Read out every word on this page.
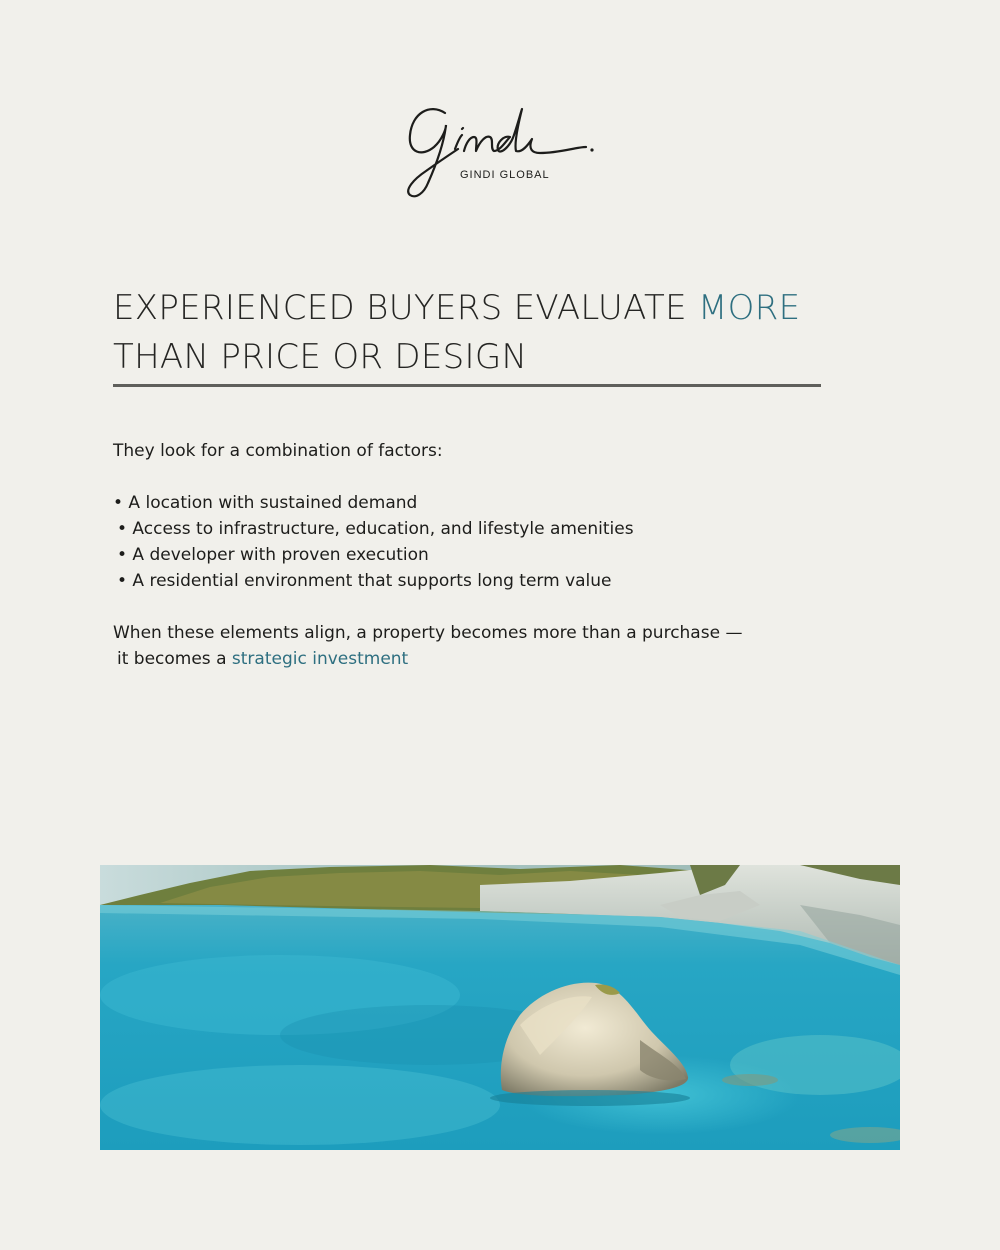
GINDI GLOBAL
EXPERIENCED BUYERS EVALUATE MORE
THAN PRICE OR DESIGN

They look for a combination of factors:

• A location with sustained demand
• Access to infrastructure, education, and lifestyle amenities
• A developer with proven execution
• A residential environment that supports long term value

When these elements align, a property becomes more than a purchase —
it becomes a strategic investment
